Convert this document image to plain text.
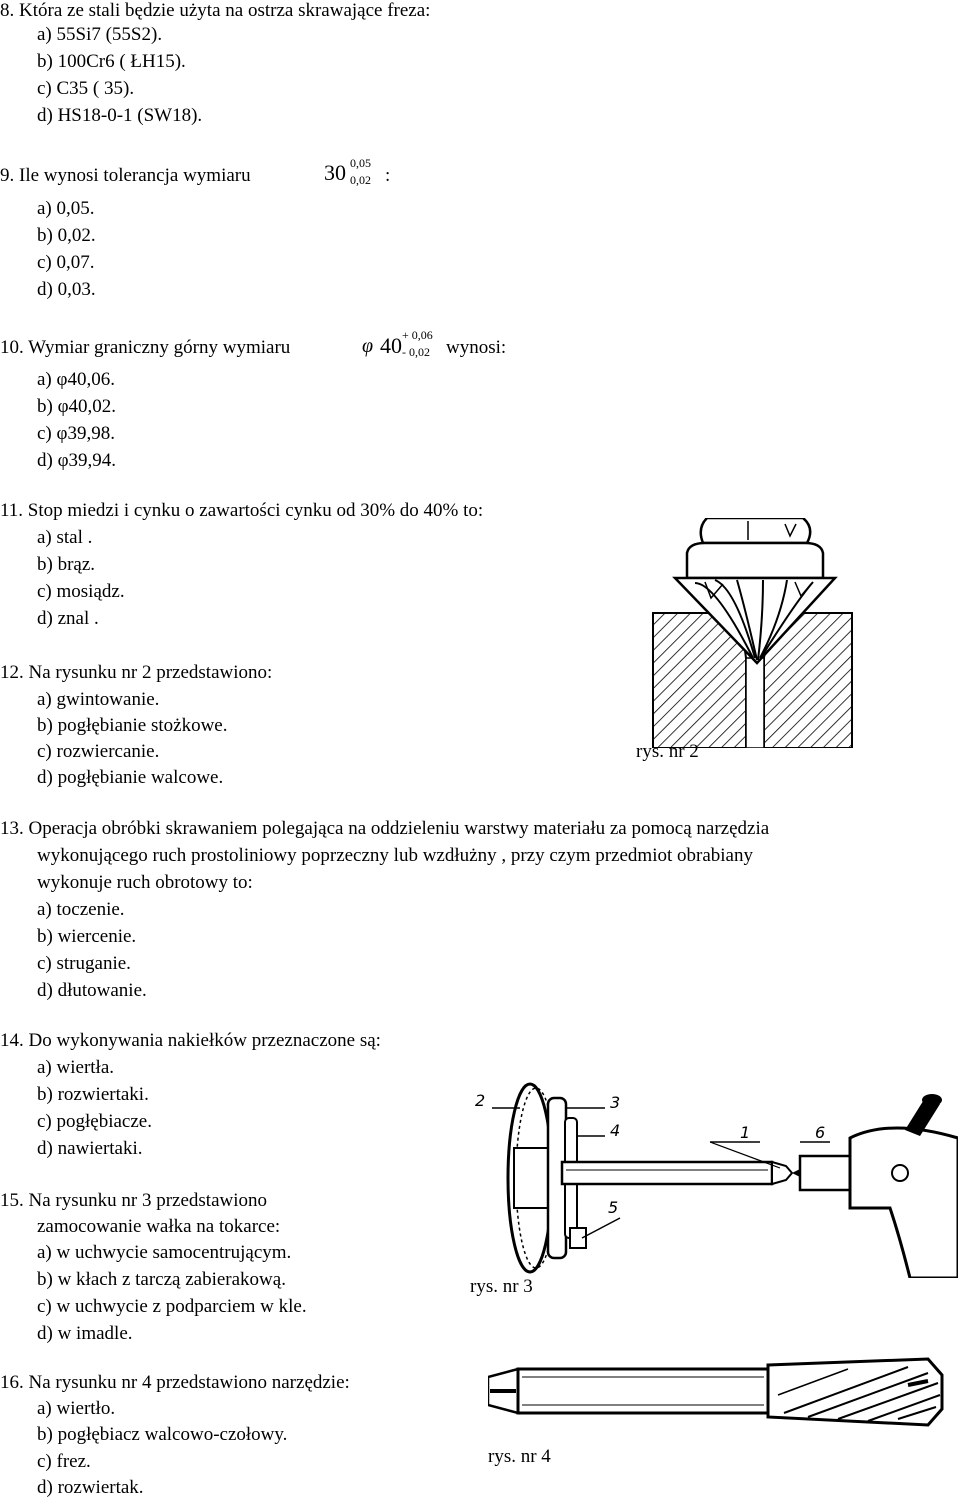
8. Która ze stali będzie użyta na ostrza skrawające freza:
a) 55Si7 (55S2).
b) 100Cr6 ( ŁH15).
c) C35 ( 35).
d) HS18-0-1 (SW18).
9. Ile wynosi tolerancja wymiaru	30 0,05
0,02 :
a) 0,05.
b) 0,02.
c) 0,07.
d) 0,03.
10. Wymiar graniczny górny wymiaru	φ 40 + 0,06
- 0,02 wynosi:
a) φ40,06.
b) φ40,02.
c) φ39,98.
d) φ39,94.
11. Stop miedzi i cynku o zawartości cynku od 30% do 40% to:
a) stal .
b) brąz.
c) mosiądz.
d) znal .
12. Na rysunku nr 2 przedstawiono:
a) gwintowanie.
b) pogłębianie stożkowe.
c) rozwiercanie.
d) pogłębianie walcowe.
rys. nr 2
13. Operacja obróbki skrawaniem polegająca na oddzieleniu warstwy materiału za pomocą narzędzia
wykonującego ruch prostoliniowy poprzeczny lub wzdłużny , przy czym przedmiot obrabiany
wykonuje ruch obrotowy to:
a) toczenie.
b) wiercenie.
c) struganie.
d) dłutowanie.
14. Do wykonywania nakiełków przeznaczone są:
a) wiertła.
b) rozwiertaki.
c) pogłębiacze.
d) nawiertaki.
2	3
4	1	6
5
15. Na rysunku nr 3 przedstawiono
zamocowanie wałka na tokarce:
a) w uchwycie samocentrującym.
b) w kłach z tarczą zabierakową.
c) w uchwycie z podparciem w kle.
d) w imadle.
rys. nr 3
16. Na rysunku nr 4 przedstawiono narzędzie:
a) wiertło.
b) pogłębiacz walcowo-czołowy.
c) frez.
d) rozwiertak.
rys. nr 4
